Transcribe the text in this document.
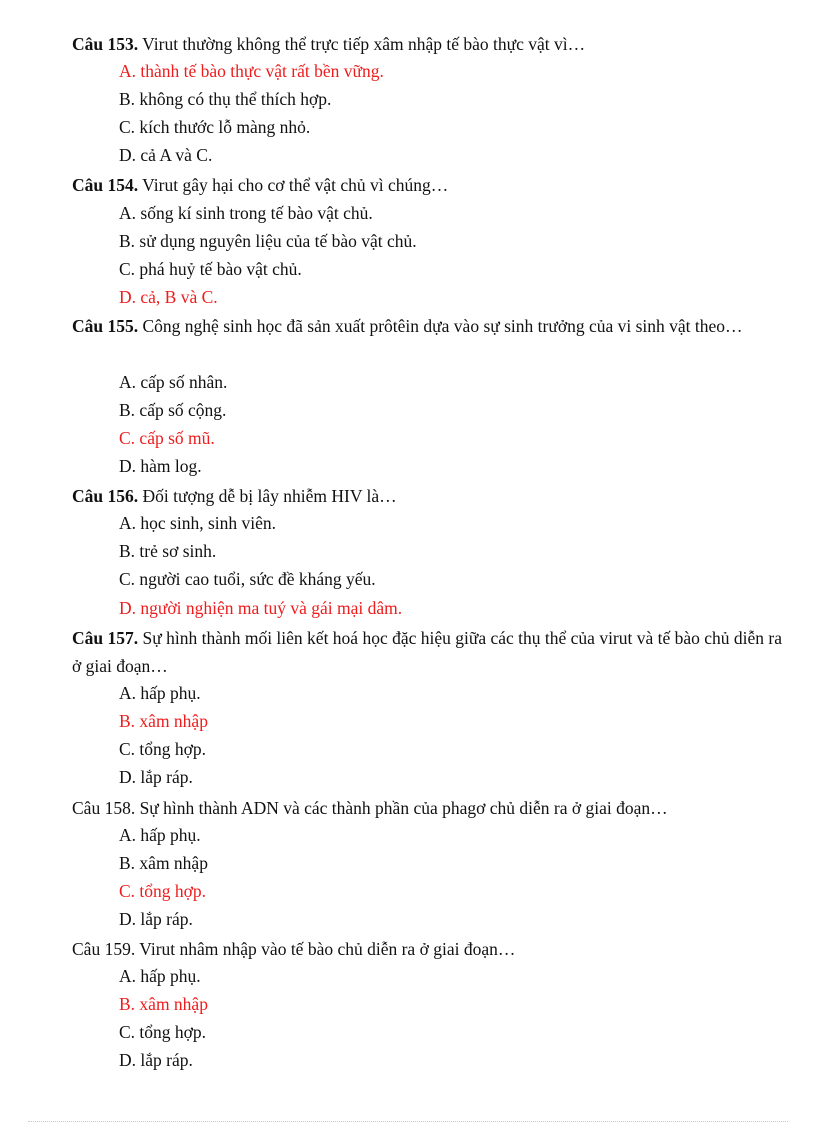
Câu 153. Virut thường không thể trực tiếp xâm nhập tế bào thực vật vì…

A. thành tế bào thực vật rất bền vững.

B. không có thụ thể thích hợp.

C. kích thước lỗ màng nhỏ.

D. cả A và C.

Câu 154. Virut gây hại cho cơ thể vật chủ vì chúng…

A. sống kí sinh trong tế bào vật chủ.

B. sử dụng nguyên liệu của tế bào vật chủ.

C. phá huỷ tế bào vật chủ.

D. cả, B và C.

Câu 155. Công nghệ sinh học đã sản xuất prôtêin dựa vào sự sinh trưởng của vi sinh vật theo…

A. cấp số nhân.

B. cấp số cộng.

C. cấp số mũ.

D. hàm log.

Câu 156. Đối tượng dễ bị lây nhiễm HIV là…

A. học sinh, sinh viên.

B. trẻ sơ sinh.

C. người cao tuổi, sức đề kháng yếu.

D. người nghiện ma tuý và gái mại dâm.

Câu 157. Sự hình thành mối liên kết hoá học đặc hiệu giữa các thụ thể của virut và tế bào chủ diễn ra ở giai đoạn…

A. hấp phụ.

B. xâm nhập

C. tổng hợp.

D. lắp ráp.

Câu 158. Sự hình thành ADN và các thành phần của phagơ chủ diễn ra ở giai đoạn…

A. hấp phụ.

B. xâm nhập

C. tổng hợp.

D. lắp ráp.

Câu 159. Virut nhâm nhập vào tế bào chủ diễn ra ở giai đoạn…

A. hấp phụ.

B. xâm nhập

C. tổng hợp.

D. lắp ráp.
